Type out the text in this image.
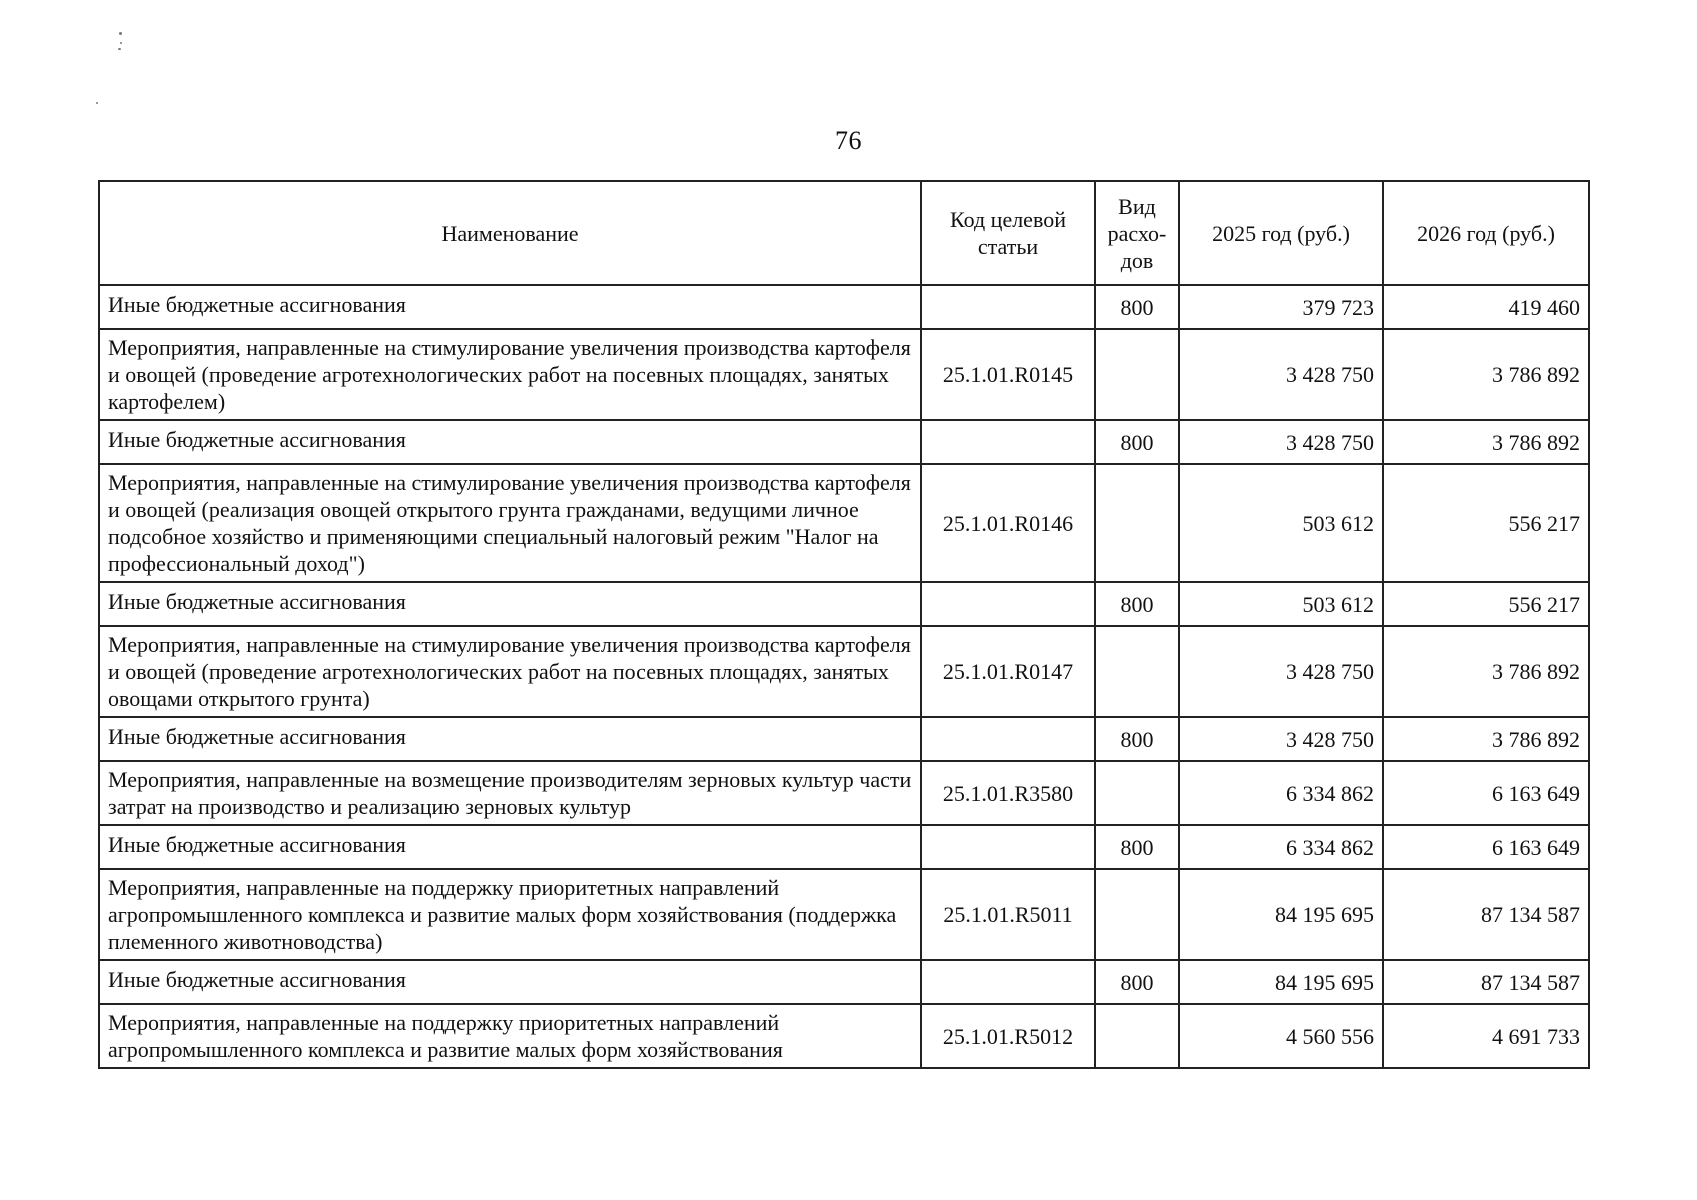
76
Наименование	Код целевой статьи	Вид расхо-дов	2025 год (руб.)	2026 год (руб.)
Иные бюджетные ассигнования		800	379 723	419 460
Мероприятия, направленные на стимулирование увеличения производства картофеля и овощей (проведение агротехнологических работ на посевных площадях, занятых картофелем)	25.1.01.R0145		3 428 750	3 786 892
Иные бюджетные ассигнования		800	3 428 750	3 786 892
Мероприятия, направленные на стимулирование увеличения производства картофеля и овощей (реализация овощей открытого грунта гражданами, ведущими личное подсобное хозяйство и применяющими специальный налоговый режим "Налог на профессиональный доход")	25.1.01.R0146		503 612	556 217
Иные бюджетные ассигнования		800	503 612	556 217
Мероприятия, направленные на стимулирование увеличения производства картофеля и овощей (проведение агротехнологических работ на посевных площадях, занятых овощами открытого грунта)	25.1.01.R0147		3 428 750	3 786 892
Иные бюджетные ассигнования		800	3 428 750	3 786 892
Мероприятия, направленные на возмещение производителям зерновых культур части затрат на производство и реализацию зерновых культур	25.1.01.R3580		6 334 862	6 163 649
Иные бюджетные ассигнования		800	6 334 862	6 163 649
Мероприятия, направленные на поддержку приоритетных направлений агропромышленного комплекса и развитие малых форм хозяйствования (поддержка племенного животноводства)	25.1.01.R5011		84 195 695	87 134 587
Иные бюджетные ассигнования		800	84 195 695	87 134 587
Мероприятия, направленные на поддержку приоритетных направлений агропромышленного комплекса и развитие малых форм хозяйствования	25.1.01.R5012		4 560 556	4 691 733
